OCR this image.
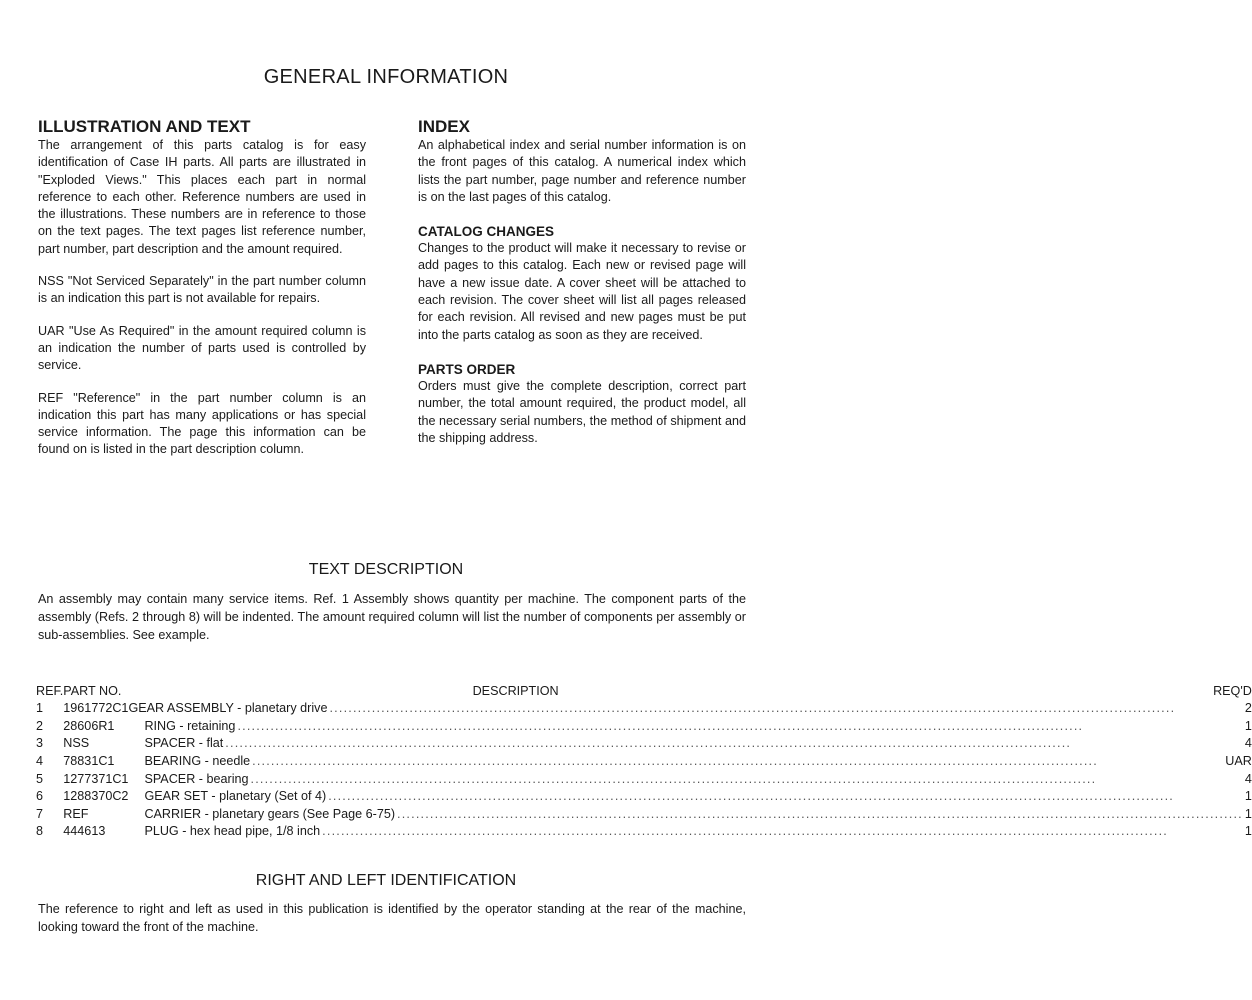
GENERAL INFORMATION
ILLUSTRATION AND TEXT

The arrangement of this parts catalog is for easy identification of Case IH parts. All parts are illustrated in "Exploded Views." This places each part in normal reference to each other. Reference numbers are used in the illustrations. These numbers are in reference to those on the text pages. The text pages list reference number, part number, part description and the amount required.

NSS "Not Serviced Separately" in the part number column is an indication this part is not available for repairs.

UAR "Use As Required" in the amount required column is an indication the number of parts used is controlled by service.

REF "Reference" in the part number column is an indication this part has many applications or has special service information. The page this information can be found on is listed in the part description column.

INDEX

An alphabetical index and serial number information is on the front pages of this catalog. A numerical index which lists the part number, page number and reference number is on the last pages of this catalog.

CATALOG CHANGES

Changes to the product will make it necessary to revise or add pages to this catalog. Each new or revised page will have a new issue date. A cover sheet will be attached to each revision. The cover sheet will list all pages released for each revision. All revised and new pages must be put into the parts catalog as soon as they are received.

PARTS ORDER

Orders must give the complete description, correct part number, the total amount required, the product model, all the necessary serial numbers, the method of shipment and the shipping address.

TEXT DESCRIPTION

An assembly may contain many service items. Ref. 1 Assembly shows quantity per machine. The component parts of the assembly (Refs. 2 through 8) will be indented. The amount required column will list the number of components per assembly or sub-assemblies. See example.

REF.	PART NO.	DESCRIPTION	REQ'D
1	1961772C1	GEAR ASSEMBLY - planetary drive ..... 2

2	28606R1	RING - retaining ..... 1

3	NSS	SPACER - flat ..... 4

4	78831C1	BEARING - needle ..... UAR

5	1277371C1	SPACER - bearing ..... 4

6	1288370C2	GEAR SET - planetary (Set of 4) ..... 1

7	REF	CARRIER - planetary gears (See Page 6-75) ..... 1

8	444613	PLUG - hex head pipe, 1/8 inch ..... 1
RIGHT AND LEFT IDENTIFICATION

The reference to right and left as used in this publication is identified by the operator standing at the rear of the machine, looking toward the front of the machine.
